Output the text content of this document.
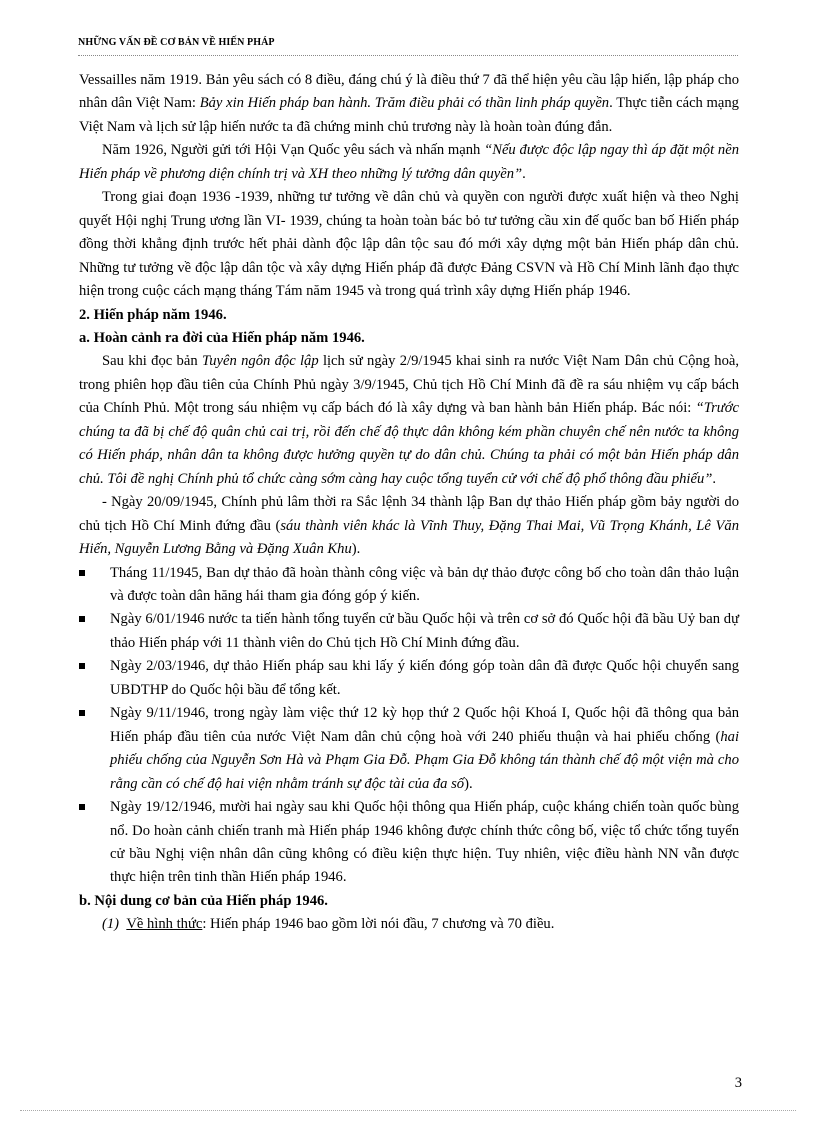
NHỮNG VẤN ĐỀ CƠ BẢN VỀ HIẾN PHÁP

Vessailles năm 1919. Bản yêu sách có 8 điều, đáng chú ý là điều thứ 7 đã thể hiện yêu cầu lập hiến, lập pháp cho nhân dân Việt Nam: Bảy xin Hiến pháp ban hành. Trăm điều phải có thần linh pháp quyền. Thực tiễn cách mạng Việt Nam và lịch sử lập hiến nước ta đã chứng minh chủ trương này là hoàn toàn đúng đắn.

Năm 1926, Người gửi tới Hội Vạn Quốc yêu sách và nhấn mạnh “Nếu được độc lập ngay thì áp đặt một nền Hiến pháp về phương diện chính trị và XH theo những lý tưởng dân quyền”.

Trong giai đoạn 1936 -1939, những tư tưởng về dân chủ và quyền con người được xuất hiện và theo Nghị quyết Hội nghị Trung ương lần VI- 1939, chúng ta hoàn toàn bác bỏ tư tưởng cầu xin đế quốc ban bố Hiến pháp đồng thời khẳng định trước hết phải dành độc lập dân tộc sau đó mới xây dựng một bản Hiến pháp dân chủ. Những tư tưởng về độc lập dân tộc và xây dựng Hiến pháp đã được Đảng CSVN và Hồ Chí Minh lãnh đạo thực hiện trong cuộc cách mạng tháng Tám năm 1945 và trong quá trình xây dựng Hiến pháp 1946.

2. Hiến pháp năm 1946.

a. Hoàn cảnh ra đời của Hiến pháp năm 1946.

Sau khi đọc bản Tuyên ngôn độc lập lịch sử ngày 2/9/1945 khai sinh ra nước Việt Nam Dân chủ Cộng hoà, trong phiên họp đầu tiên của Chính Phủ ngày 3/9/1945, Chủ tịch Hồ Chí Minh đã đề ra sáu nhiệm vụ cấp bách của Chính Phủ. Một trong sáu nhiệm vụ cấp bách đó là xây dựng và ban hành bản Hiến pháp. Bác nói: “Trước chúng ta đã bị chế độ quân chủ cai trị, rồi đến chế độ thực dân không kém phần chuyên chế nên nước ta không có Hiến pháp, nhân dân ta không được hưởng quyền tự do dân chủ. Chúng ta phải có một bản Hiến pháp dân chủ. Tôi đề nghị Chính phủ tổ chức càng sớm càng hay cuộc tổng tuyển cử với chế độ phổ thông đầu phiếu”.

- Ngày 20/09/1945, Chính phủ lâm thời ra Sắc lệnh 34 thành lập Ban dự thảo Hiến pháp gồm bảy người do chủ tịch Hồ Chí Minh đứng đầu (sáu thành viên khác là Vĩnh Thuy, Đặng Thai Mai, Vũ Trọng Khánh, Lê Văn Hiến, Nguyễn Lương Bằng và Đặng Xuân Khu).

Tháng 11/1945, Ban dự thảo đã hoàn thành công việc và bản dự thảo được công bố cho toàn dân thảo luận và được toàn dân hăng hái tham gia đóng góp ý kiến.
Ngày 6/01/1946 nước ta tiến hành tổng tuyển cử bầu Quốc hội và trên cơ sở đó Quốc hội đã bầu Uỷ ban dự thảo Hiến pháp với 11 thành viên do Chủ tịch Hồ Chí Minh đứng đầu.
Ngày 2/03/1946, dự thảo Hiến pháp sau khi lấy ý kiến đóng góp toàn dân đã được Quốc hội chuyển sang UBDTHP do Quốc hội bầu để tổng kết.
Ngày 9/11/1946, trong ngày làm việc thứ 12 kỳ họp thứ 2 Quốc hội Khoá I, Quốc hội đã thông qua bản Hiến pháp đầu tiên của nước Việt Nam dân chủ cộng hoà với 240 phiếu thuận và hai phiếu chống (hai phiếu chống của Nguyễn Sơn Hà và Phạm Gia Đỗ. Phạm Gia Đỗ không tán thành chế độ một viện mà cho rằng cần có chế độ hai viện nhằm tránh sự độc tài của đa số).
Ngày 19/12/1946, mười hai ngày sau khi Quốc hội thông qua Hiến pháp, cuộc kháng chiến toàn quốc bùng nổ. Do hoàn cảnh chiến tranh mà Hiến pháp 1946 không được chính thức công bố, việc tổ chức tổng tuyển cử bầu Nghị viện nhân dân cũng không có điều kiện thực hiện. Tuy nhiên, việc điều hành NN vẫn được thực hiện trên tinh thần Hiến pháp 1946.

b. Nội dung cơ bản của Hiến pháp 1946.

(1) Về hình thức: Hiến pháp 1946 bao gồm lời nói đầu, 7 chương và 70 điều.

3
